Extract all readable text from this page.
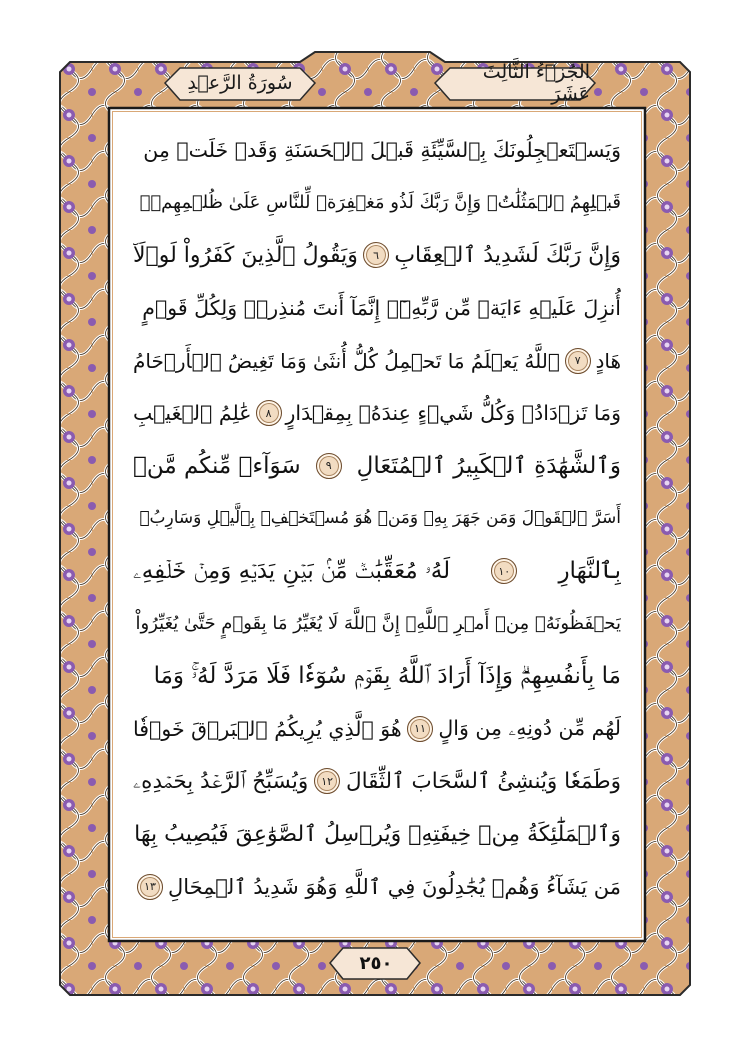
سُورَةُ الرَّعۡدِ	الجُزۡءُ الثَّالِثَ عَشَرَ
وَيَسۡتَعۡجِلُونَكَ بِٱلسَّيِّئَةِ قَبۡلَ ٱلۡحَسَنَةِ وَقَدۡ خَلَتۡ مِن
قَبۡلِهِمُ ٱلۡمَثُلَٰتُۗ وَإِنَّ رَبَّكَ لَذُو مَغۡفِرَةٖ لِّلنَّاسِ عَلَىٰ ظُلۡمِهِمۡۖ
وَإِنَّ رَبَّكَ لَشَدِيدُ ٱلۡعِقَابِ
٦
وَيَقُولُ ٱلَّذِينَ كَفَرُواْ لَوۡلَآ
أُنزِلَ عَلَيۡهِ ءَايَةٞ مِّن رَّبِّهِۦٓۗ إِنَّمَآ أَنتَ مُنذِرٞۖ وَلِكُلِّ قَوۡمٍ
هَادٍ
٧
ٱللَّهُ يَعۡلَمُ مَا تَحۡمِلُ كُلُّ أُنثَىٰ وَمَا تَغِيضُ ٱلۡأَرۡحَامُ
وَمَا تَزۡدَادُۚ وَكُلُّ شَيۡءٍ عِندَهُۥ بِمِقۡدَارٍ
٨
عَٰلِمُ ٱلۡغَيۡبِ
وَٱلشَّهَٰدَةِ ٱلۡكَبِيرُ ٱلۡمُتَعَالِ
٩
سَوَآءٞ مِّنكُم مَّنۡ
أَسَرَّ ٱلۡقَوۡلَ وَمَن جَهَرَ بِهِۦ وَمَنۡ هُوَ مُسۡتَخۡفِۭ بِٱلَّيۡلِ وَسَارِبُۢ
بِٱلنَّهَارِ
١٠
لَهُۥ مُعَقِّبَٰتٞ مِّنۢ بَيۡنِ يَدَيۡهِ وَمِنۡ خَلۡفِهِۦ
يَحۡفَظُونَهُۥ مِنۡ أَمۡرِ ٱللَّهِۗ إِنَّ ٱللَّهَ لَا يُغَيِّرُ مَا بِقَوۡمٍ حَتَّىٰ يُغَيِّرُواْ
مَا بِأَنفُسِهِمۡۗ وَإِذَآ أَرَادَ ٱللَّهُ بِقَوۡمٖ سُوٓءٗا فَلَا مَرَدَّ لَهُۥۚ وَمَا
لَهُم مِّن دُونِهِۦ مِن وَالٍ
١١
هُوَ ٱلَّذِي يُرِيكُمُ ٱلۡبَرۡقَ خَوۡفٗا
وَطَمَعٗا وَيُنشِئُ ٱلسَّحَابَ ٱلثِّقَالَ
١٢
وَيُسَبِّحُ ٱلرَّعۡدُ بِحَمۡدِهِۦ
وَٱلۡمَلَٰٓئِكَةُ مِنۡ خِيفَتِهِۦ وَيُرۡسِلُ ٱلصَّوَٰعِقَ فَيُصِيبُ بِهَا
مَن يَشَآءُ وَهُمۡ يُجَٰدِلُونَ فِي ٱللَّهِ وَهُوَ شَدِيدُ ٱلۡمِحَالِ
١٣
٢٥٠
